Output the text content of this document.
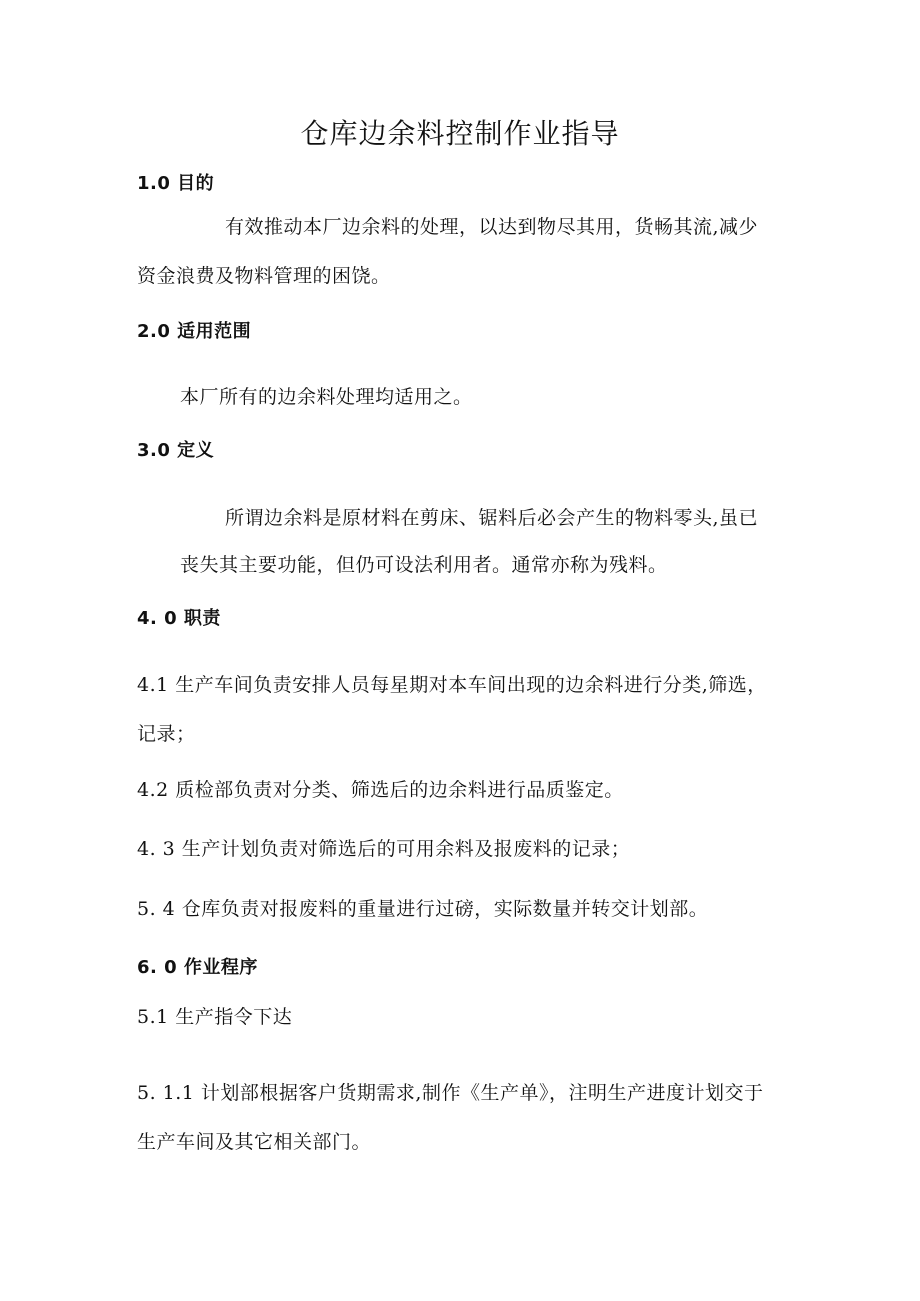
仓库边余料控制作业指导
1.0 目的
有效推动本厂边余料的处理，以达到物尽其用，货畅其流,减少
资金浪费及物料管理的困饶。
2.0 适用范围
本厂所有的边余料处理均适用之。
3.0 定义
所谓边余料是原材料在剪床、锯料后必会产生的物料零头,虽已
丧失其主要功能，但仍可设法利用者。通常亦称为残料。
4. 0 职责
4.1 生产车间负责安排人员每星期对本车间出现的边余料进行分类,筛选，
记录；
4.2 质检部负责对分类、筛选后的边余料进行品质鉴定。
4. 3 生产计划负责对筛选后的可用余料及报废料的记录；
5. 4 仓库负责对报废料的重量进行过磅，实际数量并转交计划部。
6. 0 作业程序
5.1 生产指令下达
5. 1.1 计划部根据客户货期需求,制作《生产单》，注明生产进度计划交于
生产车间及其它相关部门。
